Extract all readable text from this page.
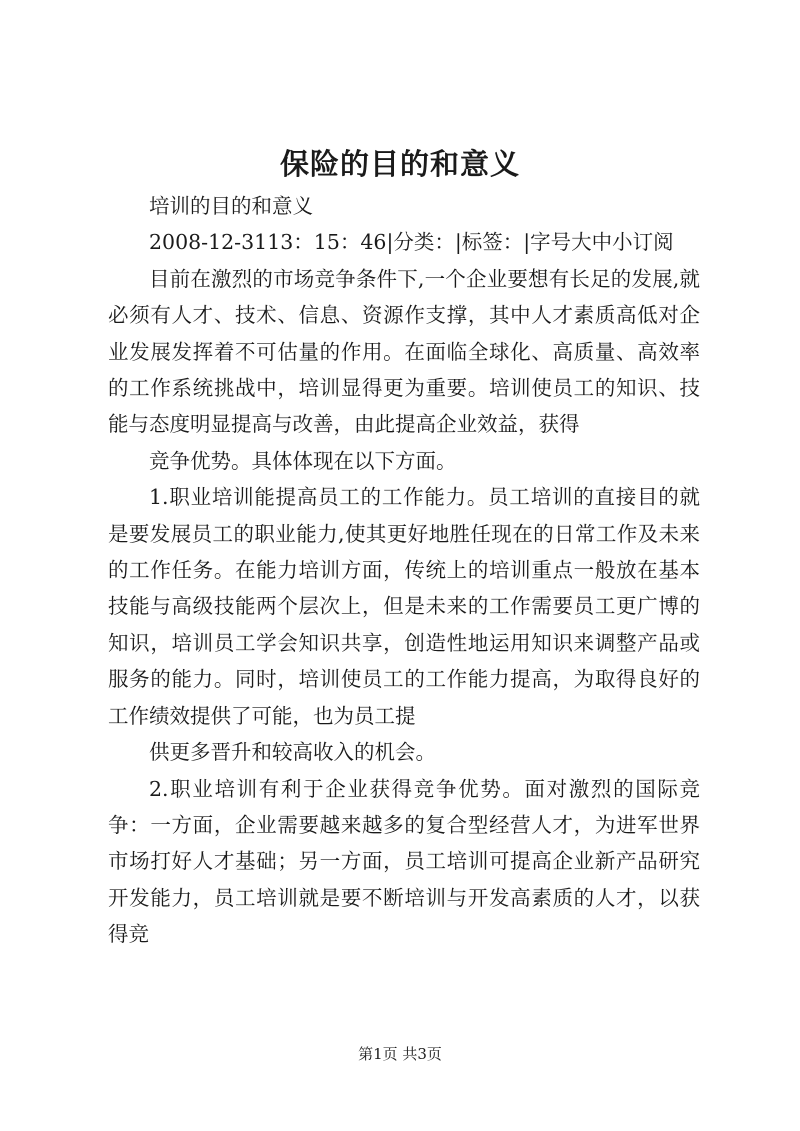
保险的目的和意义

培训的目的和意义

2008-12-3113：15：46|分类：|标签：|字号大中小订阅

目前在激烈的市场竞争条件下,一个企业要想有长足的发展,就必须有人才、技术、信息、资源作支撑，其中人才素质高低对企业发展发挥着不可估量的作用。在面临全球化、高质量、高效率的工作系统挑战中，培训显得更为重要。培训使员工的知识、技能与态度明显提高与改善，由此提高企业效益，获得

竞争优势。具体体现在以下方面。

1.职业培训能提高员工的工作能力。员工培训的直接目的就是要发展员工的职业能力,使其更好地胜任现在的日常工作及未来的工作任务。在能力培训方面，传统上的培训重点一般放在基本技能与高级技能两个层次上，但是未来的工作需要员工更广博的知识，培训员工学会知识共享，创造性地运用知识来调整产品或服务的能力。同时，培训使员工的工作能力提高，为取得良好的工作绩效提供了可能，也为员工提

供更多晋升和较高收入的机会。

2.职业培训有利于企业获得竞争优势。面对激烈的国际竞争：一方面，企业需要越来越多的复合型经营人才，为进军世界市场打好人才基础；另一方面，员工培训可提高企业新产品研究开发能力，员工培训就是要不断培训与开发高素质的人才，以获得竞

第1页 共3页
